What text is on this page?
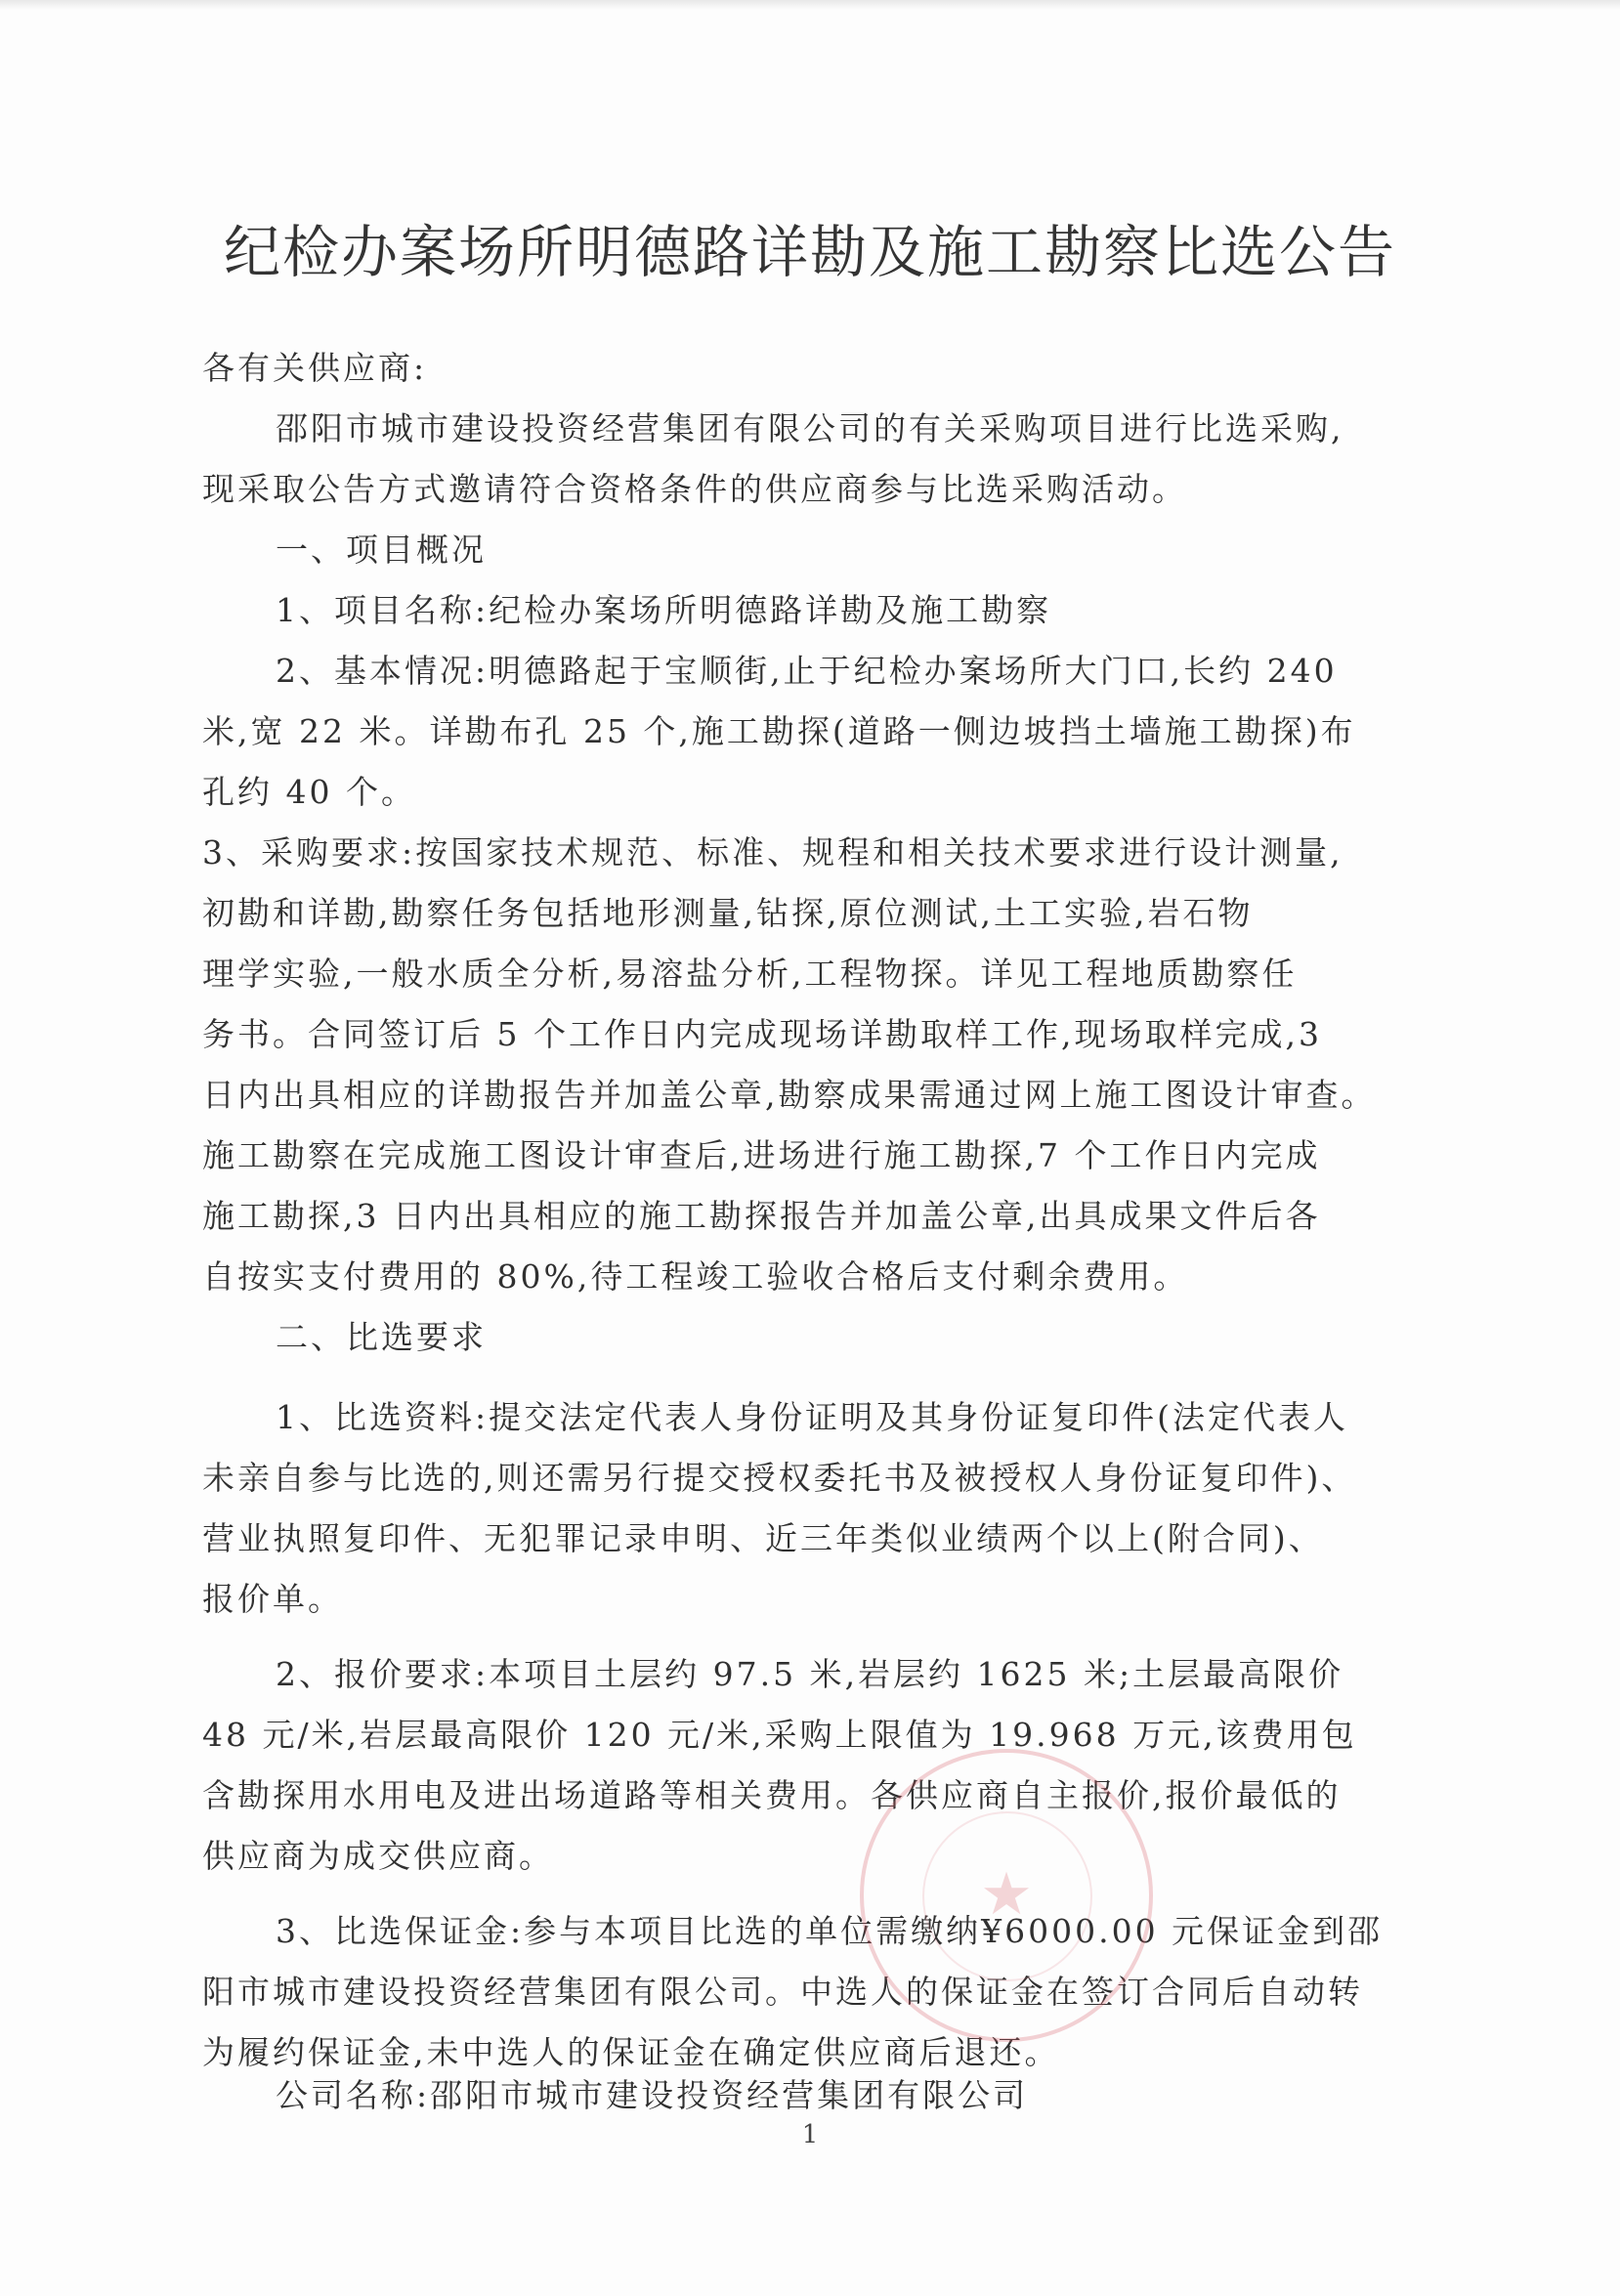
纪检办案场所明德路详勘及施工勘察比选公告
各有关供应商:
邵阳市城市建设投资经营集团有限公司的有关采购项目进行比选采购,
现采取公告方式邀请符合资格条件的供应商参与比选采购活动。
一、项目概况
1、项目名称:纪检办案场所明德路详勘及施工勘察
2、基本情况:明德路起于宝顺街,止于纪检办案场所大门口,长约 240
米,宽 22 米。详勘布孔 25 个,施工勘探(道路一侧边坡挡土墙施工勘探)布
孔约 40 个。
3、采购要求:按国家技术规范、标准、规程和相关技术要求进行设计测量,
初勘和详勘,勘察任务包括地形测量,钻探,原位测试,土工实验,岩石物
理学实验,一般水质全分析,易溶盐分析,工程物探。详见工程地质勘察任
务书。合同签订后 5 个工作日内完成现场详勘取样工作,现场取样完成,3
日内出具相应的详勘报告并加盖公章,勘察成果需通过网上施工图设计审查。
施工勘察在完成施工图设计审查后,进场进行施工勘探,7 个工作日内完成
施工勘探,3 日内出具相应的施工勘探报告并加盖公章,出具成果文件后各
自按实支付费用的 80%,待工程竣工验收合格后支付剩余费用。
二、比选要求
1、比选资料:提交法定代表人身份证明及其身份证复印件(法定代表人
未亲自参与比选的,则还需另行提交授权委托书及被授权人身份证复印件)、
营业执照复印件、无犯罪记录申明、近三年类似业绩两个以上(附合同)、
报价单。
2、报价要求:本项目土层约 97.5 米,岩层约 1625 米;土层最高限价
48 元/米,岩层最高限价 120 元/米,采购上限值为 19.968 万元,该费用包
含勘探用水用电及进出场道路等相关费用。各供应商自主报价,报价最低的
供应商为成交供应商。
3、比选保证金:参与本项目比选的单位需缴纳¥6000.00 元保证金到邵
阳市城市建设投资经营集团有限公司。中选人的保证金在签订合同后自动转
为履约保证金,未中选人的保证金在确定供应商后退还。
公司名称:邵阳市城市建设投资经营集团有限公司
★
1
